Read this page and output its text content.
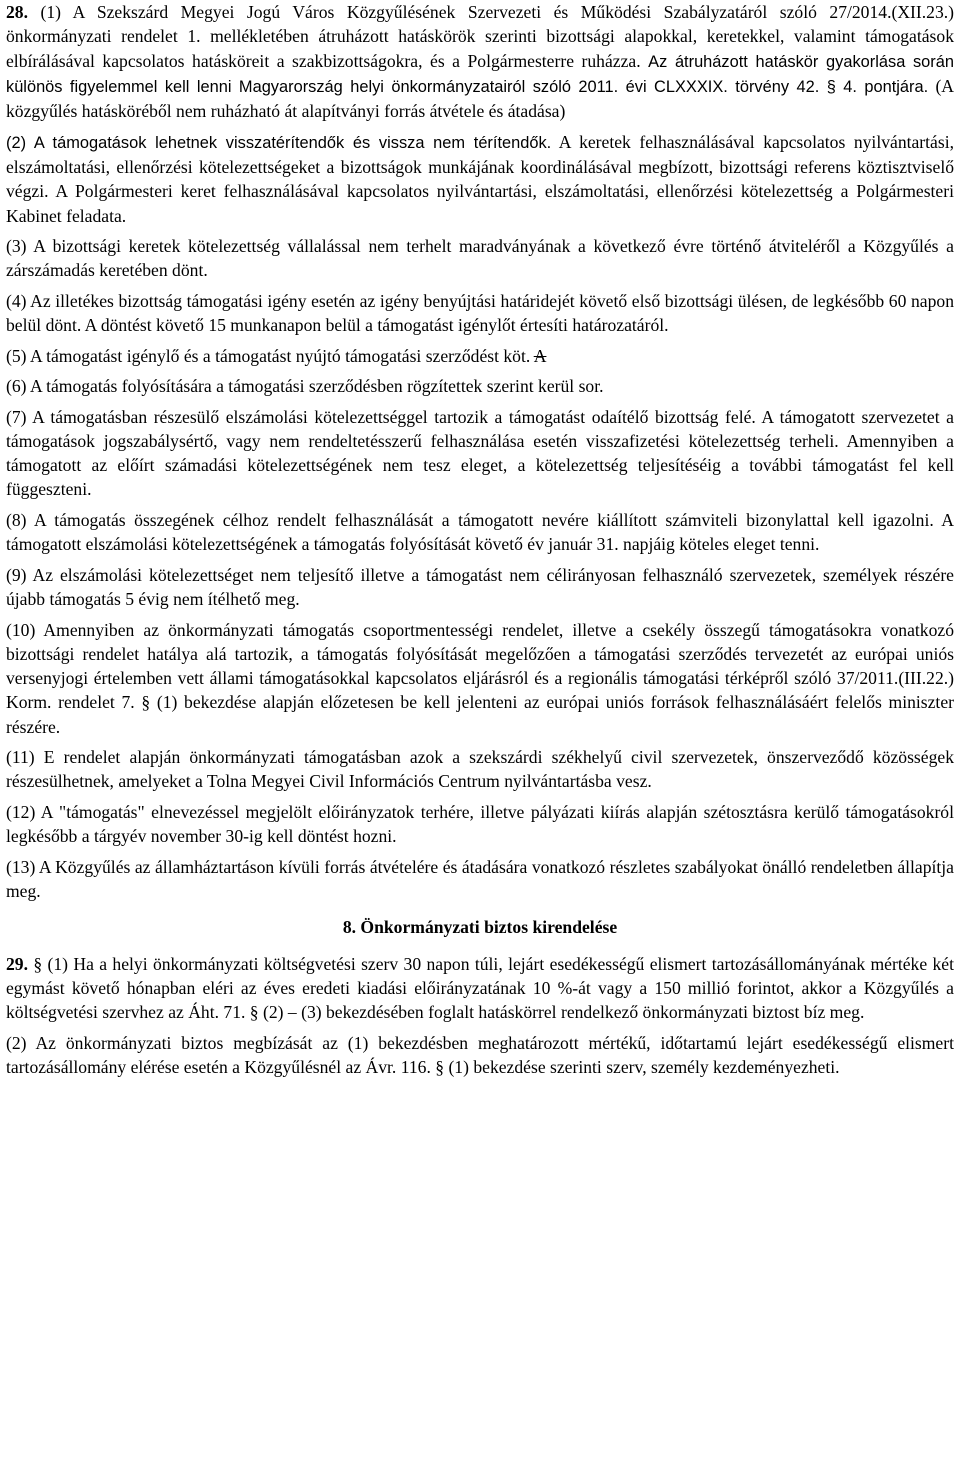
28. (1) A Szekszárd Megyei Jogú Város Közgyűlésének Szervezeti és Működési Szabályzatáról szóló 27/2014.(XII.23.) önkormányzati rendelet 1. mellékletében átruházott hatáskörök szerinti bizottsági alapokkal, keretekkel, valamint támogatások elbírálásával kapcsolatos hatásköreit a szakbizottságokra, és a Polgármesterre ruházza. Az átruházott hatáskör gyakorlása során különös figyelemmel kell lenni Magyarország helyi önkormányzatairól szóló 2011. évi CLXXXIX. törvény 42. § 4. pontjára. (A közgyűlés hatásköréből nem ruházható át alapítványi forrás átvétele és átadása)

(2) A támogatások lehetnek visszatérítendők és vissza nem térítendők. A keretek felhasználásával kapcsolatos nyilvántartási, elszámoltatási, ellenőrzési kötelezettségeket a bizottságok munkájának koordinálásával megbízott, bizottsági referens köztisztviselő végzi. A Polgármesteri keret felhasználásával kapcsolatos nyilvántartási, elszámoltatási, ellenőrzési kötelezettség a Polgármesteri Kabinet feladata.

(3) A bizottsági keretek kötelezettség vállalással nem terhelt maradványának a következő évre történő átviteléről a Közgyűlés a zárszámadás keretében dönt.

(4) Az illetékes bizottság támogatási igény esetén az igény benyújtási határidejét követő első bizottsági ülésen, de legkésőbb 60 napon belül dönt. A döntést követő 15 munkanapon belül a támogatást igénylőt értesíti határozatáról.

(5) A támogatást igénylő és a támogatást nyújtó támogatási szerződést köt. A

(6) A támogatás folyósítására a támogatási szerződésben rögzítettek szerint kerül sor.

(7) A támogatásban részesülő elszámolási kötelezettséggel tartozik a támogatást odaítélő bizottság felé. A támogatott szervezetet a támogatások jogszabálysértő, vagy nem rendeltetésszerű felhasználása esetén visszafizetési kötelezettség terheli. Amennyiben a támogatott az előírt számadási kötelezettségének nem tesz eleget, a kötelezettség teljesítéséig a további támogatást fel kell függeszteni.

(8) A támogatás összegének célhoz rendelt felhasználását a támogatott nevére kiállított számviteli bizonylattal kell igazolni. A támogatott elszámolási kötelezettségének a támogatás folyósítását követő év január 31. napjáig köteles eleget tenni.

(9) Az elszámolási kötelezettséget nem teljesítő illetve a támogatást nem célirányosan felhasználó szervezetek, személyek részére újabb támogatás 5 évig nem ítélhető meg.

(10) Amennyiben az önkormányzati támogatás csoportmentességi rendelet, illetve a csekély összegű támogatásokra vonatkozó bizottsági rendelet hatálya alá tartozik, a támogatás folyósítását megelőzően a támogatási szerződés tervezetét az európai uniós versenyjogi értelemben vett állami támogatásokkal kapcsolatos eljárásról és a regionális támogatási térképről szóló 37/2011.(III.22.) Korm. rendelet 7. § (1) bekezdése alapján előzetesen be kell jelenteni az európai uniós források felhasználásáért felelős miniszter részére.

(11) E rendelet alapján önkormányzati támogatásban azok a szekszárdi székhelyű civil szervezetek, önszerveződő közösségek részesülhetnek, amelyeket a Tolna Megyei Civil Információs Centrum nyilvántartásba vesz.

(12) A "támogatás" elnevezéssel megjelölt előirányzatok terhére, illetve pályázati kiírás alapján szétosztásra kerülő támogatásokról legkésőbb a tárgyév november 30-ig kell döntést hozni.

(13) A Közgyűlés az államháztartáson kívüli forrás átvételére és átadására vonatkozó részletes szabályokat önálló rendeletben állapítja meg.

8. Önkormányzati biztos kirendelése

29. § (1) Ha a helyi önkormányzati költségvetési szerv 30 napon túli, lejárt esedékességű elismert tartozásállományának mértéke két egymást követő hónapban eléri az éves eredeti kiadási előirányzatának 10 %-át vagy a 150 millió forintot, akkor a Közgyűlés a költségvetési szervhez az Áht. 71. § (2) – (3) bekezdésében foglalt hatáskörrel rendelkező önkormányzati biztost bíz meg.

(2) Az önkormányzati biztos megbízását az (1) bekezdésben meghatározott mértékű, időtartamú lejárt esedékességű elismert tartozásállomány elérése esetén a Közgyűlésnél az Ávr. 116. § (1) bekezdése szerinti szerv, személy kezdeményezheti.
